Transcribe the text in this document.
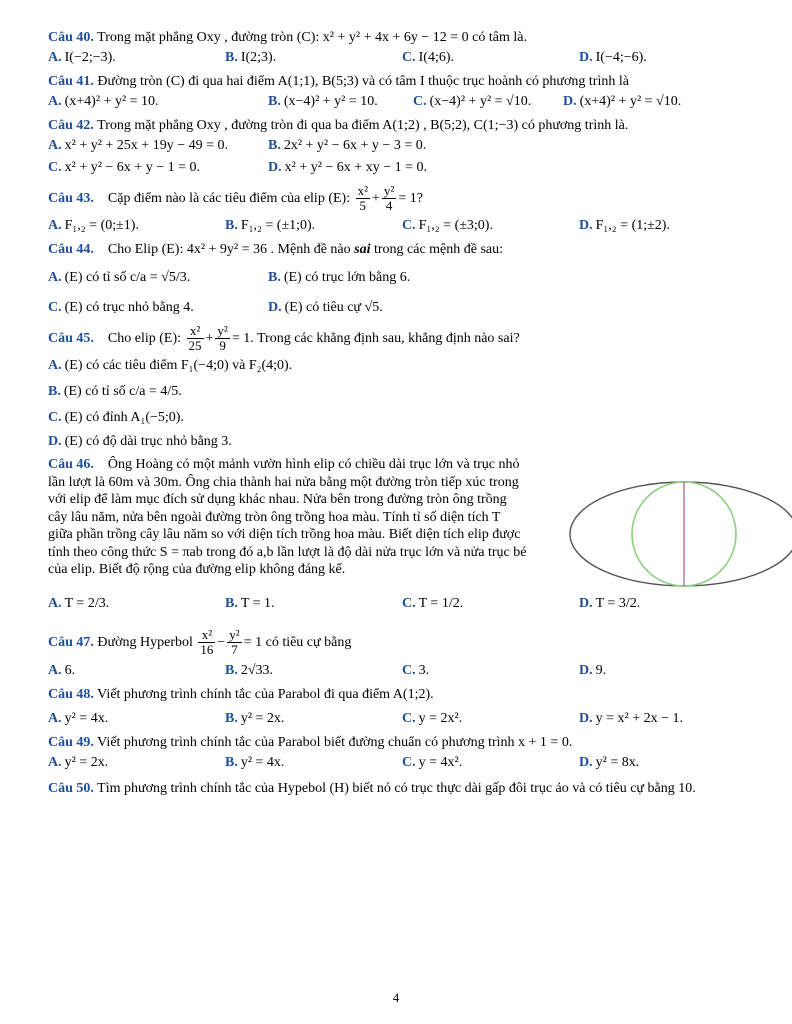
Câu 40. Trong mặt phẳng Oxy , đường tròn (C): x² + y² + 4x + 6y − 12 = 0 có tâm là.

A. I(−2;−3).	B. I(2;3).	C. I(4;6).	D. I(−4;−6).

Câu 41. Đường tròn (C) đi qua hai điểm A(1;1), B(5;3) và có tâm I thuộc trục hoành có phương trình là

A. (x+4)² + y² = 10.	B. (x−4)² + y² = 10.	C. (x−4)² + y² = √10.	D. (x+4)² + y² = √10.

Câu 42. Trong mặt phẳng Oxy , đường tròn đi qua ba điểm A(1;2) , B(5;2), C(1;−3) có phương trình là.

A. x² + y² + 25x + 19y − 49 = 0.	B. 2x² + y² − 6x + y − 3 = 0.
C. x² + y² − 6x + y − 1 = 0.	D. x² + y² − 6x + xy − 1 = 0.

Câu 43. Cặp điểm nào là các tiêu điểm của elip (E): $\frac{\text{x²}}{5} + \frac{\text{y²}}{4} = 1$?

A. F₁,₂ = (0;±1).	B. F₁,₂ = (±1;0).	C. F₁,₂ = (±3;0).	D. F₁,₂ = (1;±2).

Câu 44. Cho Elip (E): 4x² + 9y² = 36 . Mệnh đề nào sai trong các mệnh đề sau:

A. (E) có tỉ số c/a = √5/3.	B. (E) có trục lớn bằng 6.
C. (E) có trục nhỏ bằng 4.	D. (E) có tiêu cự √5.

Câu 45. Cho elip (E): $\frac{\text{x²}}{25} + \frac{\text{y²}}{9} = 1$. Trong các khẳng định sau, khẳng định nào sai?

A. (E) có các tiêu điểm F₁(−4;0) và F₂(4;0).
B. (E) có tỉ số c/a = 4/5.
C. (E) có đỉnh A₁(−5;0).
D. (E) có độ dài trục nhỏ bằng 3.

Câu 46. Ông Hoàng có một mảnh vườn hình elip có chiều dài trục lớn và trục nhỏ lần lượt là 60m và 30m. Ông chia thành hai nửa bằng một đường tròn tiếp xúc trong với elip để làm mục đích sử dụng khác nhau. Nửa bên trong đường tròn ông trồng cây lâu năm, nửa bên ngoài đường tròn ông trồng hoa màu. Tính tỉ số diện tích T giữa phần trồng cây lâu năm so với diện tích trồng hoa màu. Biết diện tích elip được tính theo công thức S = πab trong đó a,b lần lượt là độ dài nửa trục lớn và nửa trục bé của elip. Biết độ rộng của đường elip không đáng kể.

A. T = 2/3.	B. T = 1.	C. T = 1/2.	D. T = 3/2.

Câu 47. Đường Hyperbol $\frac{\text{x²}}{16} - \frac{\text{y²}}{7} = 1$ có tiêu cự bằng

A. 6.	B. 2√33.	C. 3.	D. 9.

Câu 48. Viết phương trình chính tắc của Parabol đi qua điểm A(1;2).

A. y² = 4x.	B. y² = 2x.	C. y = 2x².	D. y = x² + 2x − 1.

Câu 49. Viết phương trình chính tắc của Parabol biết đường chuẩn có phương trình x + 1 = 0.

A. y² = 2x.	B. y² = 4x.	C. y = 4x².	D. y² = 8x.

Câu 50. Tìm phương trình chính tắc của Hypebol (H) biết nó có trục thực dài gấp đôi trục ảo và có tiêu cự bằng 10.

4
